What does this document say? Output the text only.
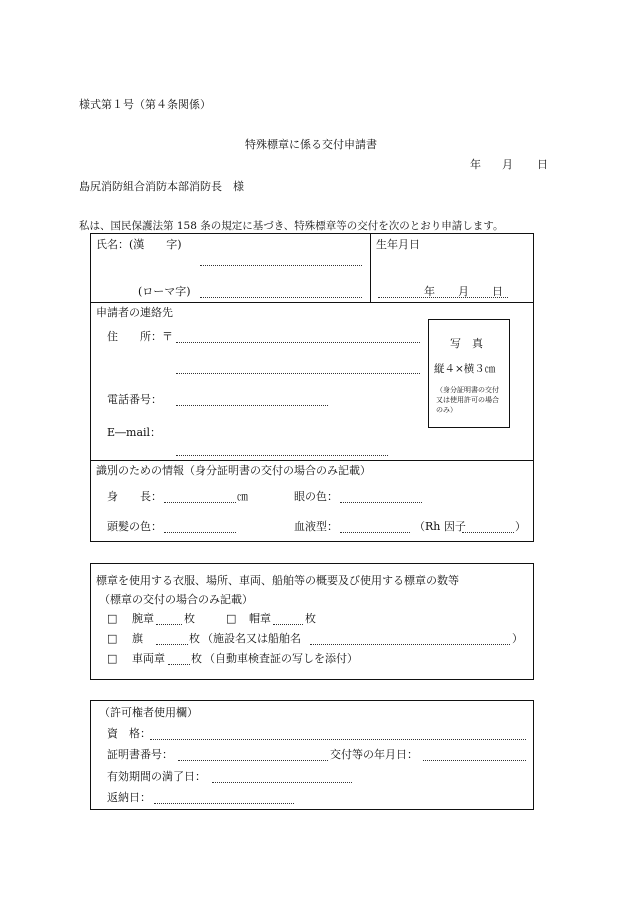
様式第１号（第４条関係）
特殊標章に係る交付申請書
年 月 日
島尻消防組合消防本部消防長　様
私は、国民保護法第 158 条の規定に基づき、特殊標章等の交付を次のとおり申請します。
氏名：(漢　　字)
(ローマ字)
生年月日
年 月 日
申請者の連絡先
住　　所：〒
電話番号：
E―mail：
写　真
縦４×横３㎝
（身分証明書の交付
又は使用許可の場合
のみ）
識別のための情報（身分証明書の交付の場合のみ記載）
身　　長：	㎝	眼の色：
頭髪の色：	血液型：	（Rh 因子	）
標章を使用する衣服、場所、車両、船舶等の概要及び使用する標章の数等
（標章の交付の場合のみ記載）
□ 腕章	枚	□ 帽章	枚
□ 旗	枚 （施設名又は船舶名	）
□ 車両章 枚 （自動車検査証の写しを添付）
（許可権者使用欄）
資　格：
証明書番号：	交付等の年月日：
有効期間の満了日：
返納日：
